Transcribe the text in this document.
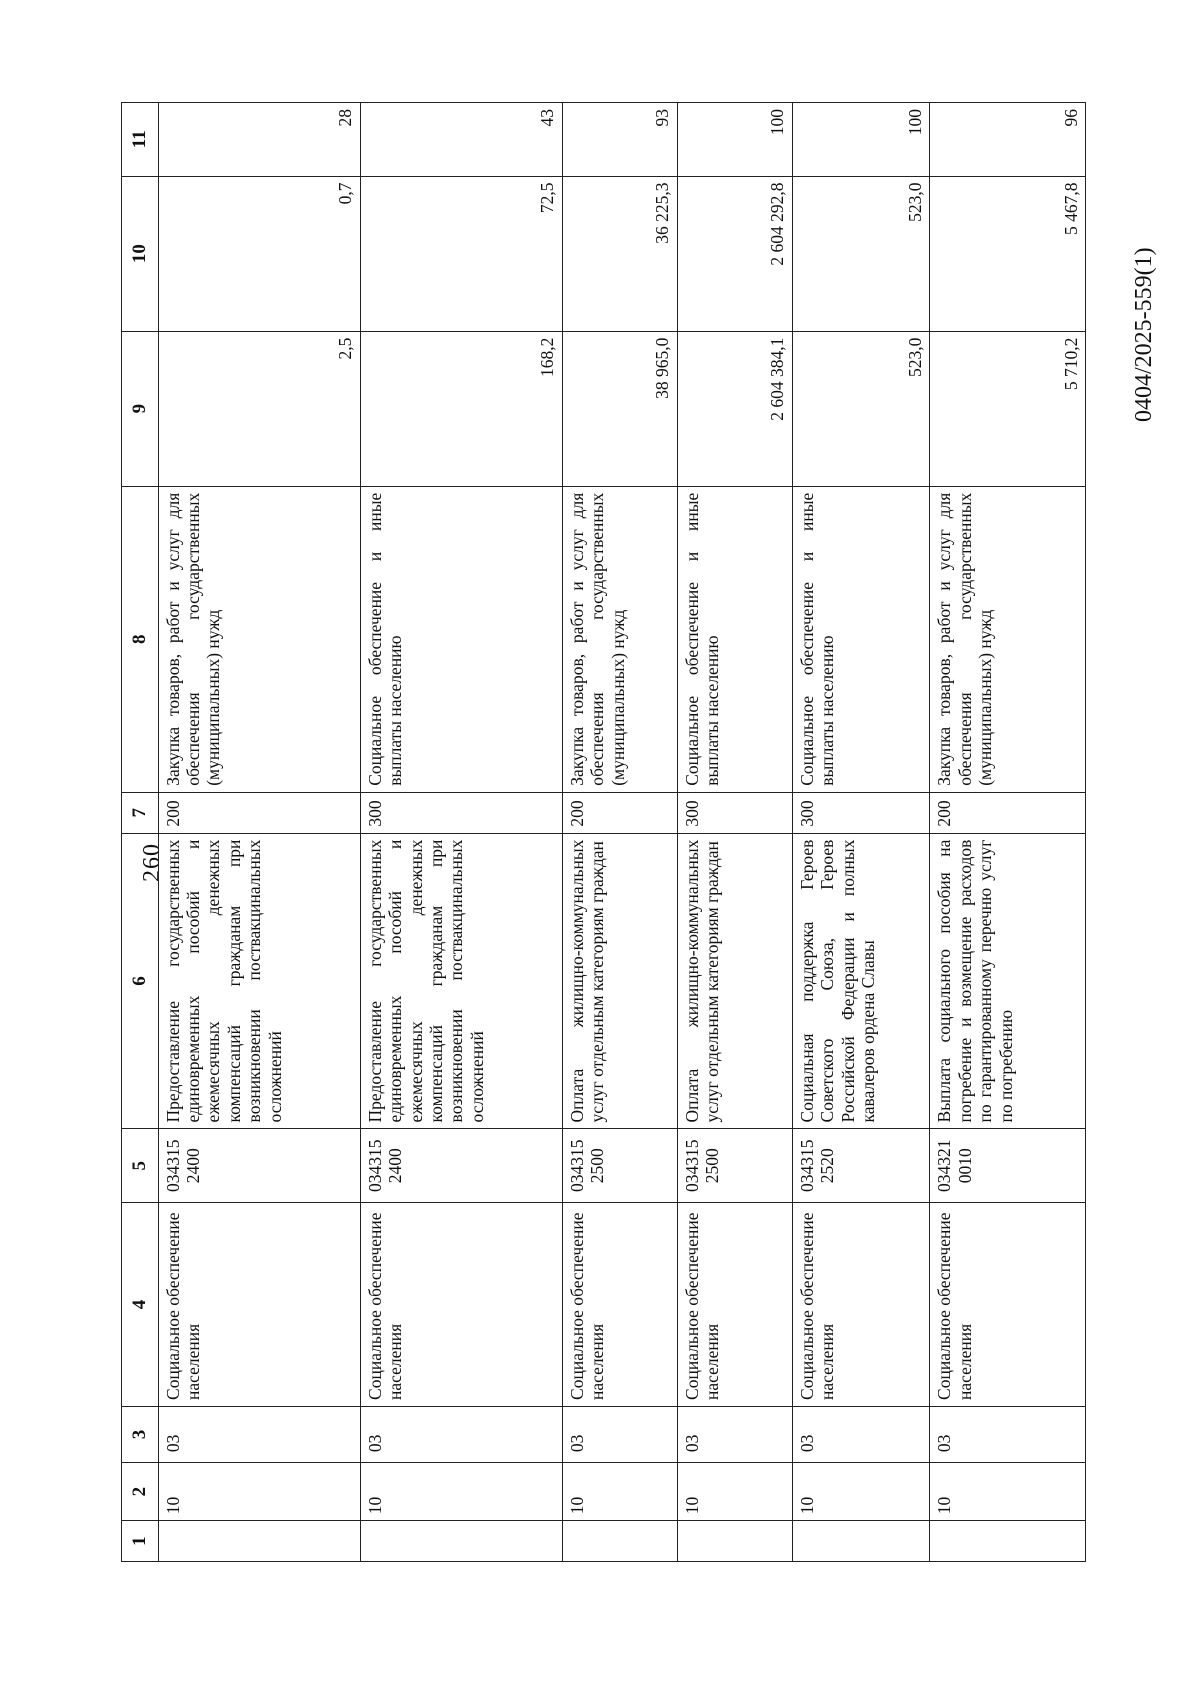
260
1	2	3	4	5	6	7	8	9	10	11
	10	03	Социальное обеспечение населения	034315 2400	Предоставление государственных единовременных пособий и ежемесячных денежных компенсаций гражданам при возникновении поствакцинальных осложнений	200	Закупка товаров, работ и услуг для обеспечения государственных (муниципальных) нужд	2,5	0,7	28

	10	03	Социальное обеспечение населения	034315 2400	Предоставление государственных единовременных пособий и ежемесячных денежных компенсаций гражданам при возникновении поствакцинальных осложнений	300	Социальное обеспечение и иные выплаты населению	168,2	72,5	43

	10	03	Социальное обеспечение населения	034315 2500	Оплата жилищно-коммунальных услуг отдельным категориям граждан	200	Закупка товаров, работ и услуг для обеспечения государственных (муниципальных) нужд	38 965,0	36 225,3	93

	10	03	Социальное обеспечение населения	034315 2500	Оплата жилищно-коммунальных услуг отдельным категориям граждан	300	Социальное обеспечение и иные выплаты населению	2 604 384,1	2 604 292,8	100

	10	03	Социальное обеспечение населения	034315 2520	Социальная поддержка Героев Советского Союза, Героев Российской Федерации и полных кавалеров ордена Славы	300	Социальное обеспечение и иные выплаты населению	523,0	523,0	100

	10	03	Социальное обеспечение населения	034321 0010	Выплата социального пособия на погребение и возмещение расходов по гарантированному перечню услуг по погребению	200	Закупка товаров, работ и услуг для обеспечения государственных (муниципальных) нужд	5 710,2	5 467,8	96
0404/2025-559(1)
